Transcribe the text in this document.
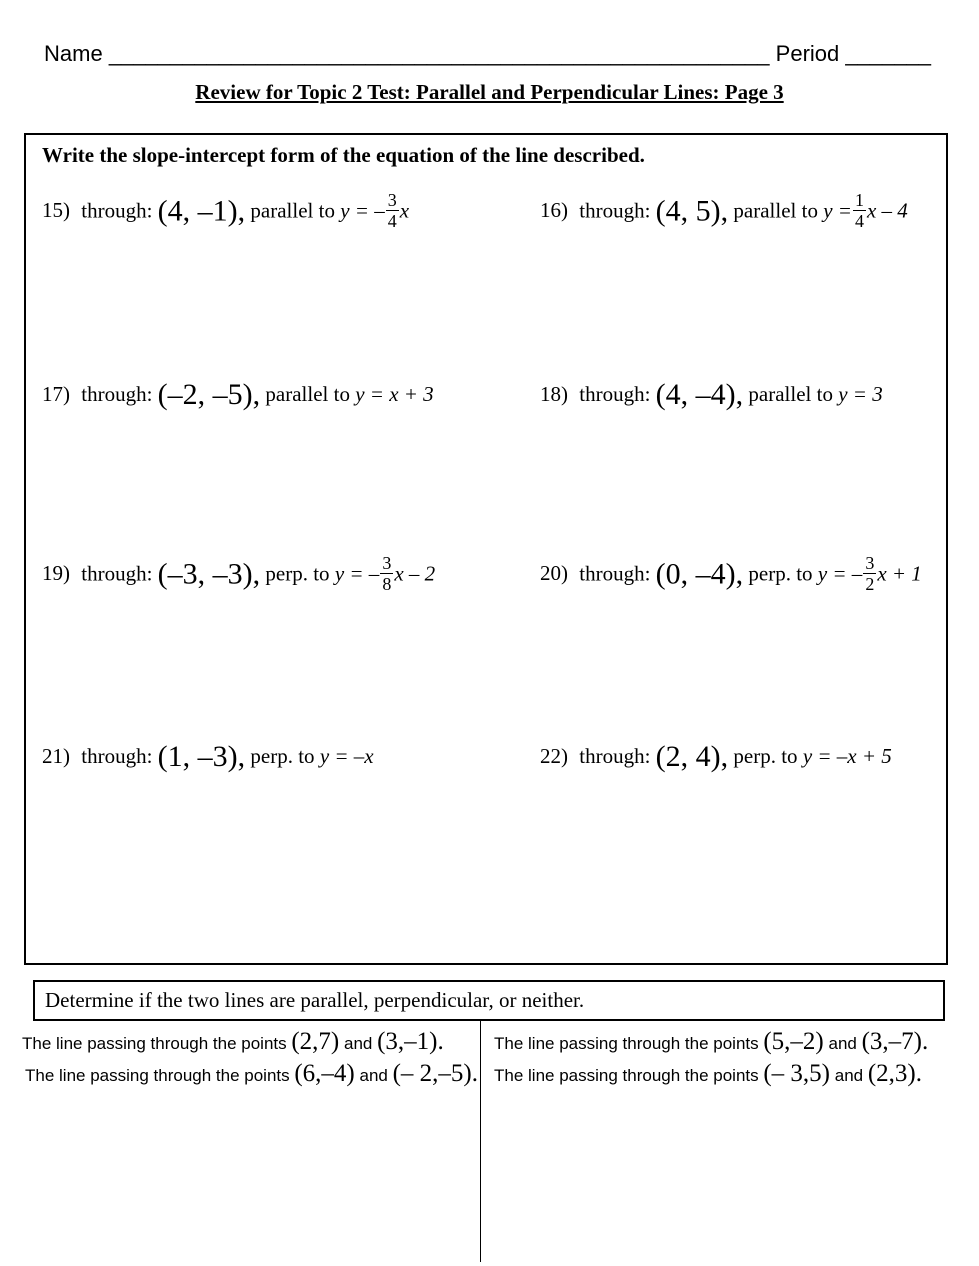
Name ______________________________________________________ Period _______
Review for Topic 2 Test: Parallel and Perpendicular Lines: Page 3
Write the slope-intercept form of the equation of the line described.
15) through: (4, –1), parallel to y = – $\frac{3}{4}$ x	16) through: (4, 5), parallel to $y = \frac{1}{4}$ x – 4
17) through: (–2, –5), parallel to y = x + 3	18) through: (4, –4), parallel to y = 3
19) through: (–3, –3), perp. to y = – $\frac{3}{8}$ x – 2	20) through: (0, –4), perp. to y = – $\frac{3}{2}$ x + 1
21) through: (1, –3), perp. to y = –x	22) through: (2, 4), perp. to y = –x + 5
Determine if the two lines are parallel, perpendicular, or neither.
The line passing through the points (2,7) and (3,–1).
The line passing through the points (6,–4) and (– 2,–5).
The line passing through the points (5,–2) and (3,–7).
The line passing through the points (– 3,5) and (2,3).
